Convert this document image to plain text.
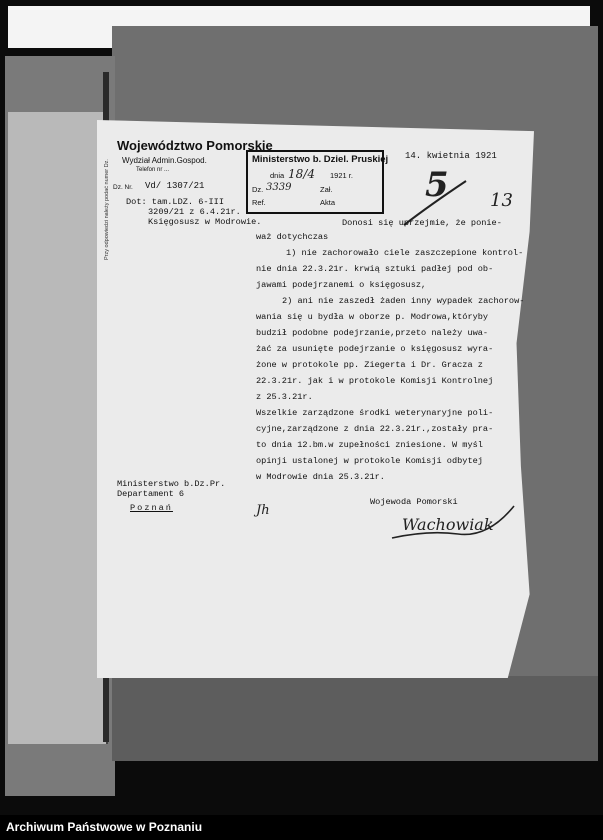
Przy odpowiedzi należy podać numer Dz.
Województwo Pomorskie
Wydział Admin.Gospod.
Telefon nr ...
Dz. Nr. Vd/ 1307/21
Dot: tam.LDZ. 6-III
3209/21 z 6.4.21r.
Księgosusz w Modrowie.
14. kwietnia 1921
Ministerstwo b. Dziel. Pruskiej
dnia 18/4 1921 r.
Dz. 3339	Zał.
Ref.	Akta	5 13
Donosi się uprzejmie, że ponie-
waż dotychczas
1) nie zachorowało ciele zaszczepione kontrol-
nie dnia 22.3.21r. krwią sztuki padłej pod ob-
jawami podejrzanemi o księgosusz,
2) ani nie zaszedł żaden inny wypadek zachorow-
wania się u bydła w oborze p. Modrowa,któryby
budził podobne podejrzanie,przeto należy uwa-
żać za usunięte podejrzanie o księgosusz wyra-
żone w protokole pp. Ziegerta i Dr. Gracza z
22.3.21r. jak i w protokole Komisji Kontrolnej
z 25.3.21r.
Wszelkie zarządzone środki weterynaryjne poli-
cyjne,zarządzone z dnia 22.3.21r.,zostały pra-
to dnia 12.bm.w zupełności zniesione. W myśl
opinji ustalonej w protokole Komisji odbytej
w Modrowie dnia 25.3.21r.
Wojewoda Pomorski
Wachowiak
Ministerstwo b.Dz.Pr.
Departament 6
Poznań	Jh
Archiwum Państwowe w Poznaniu
